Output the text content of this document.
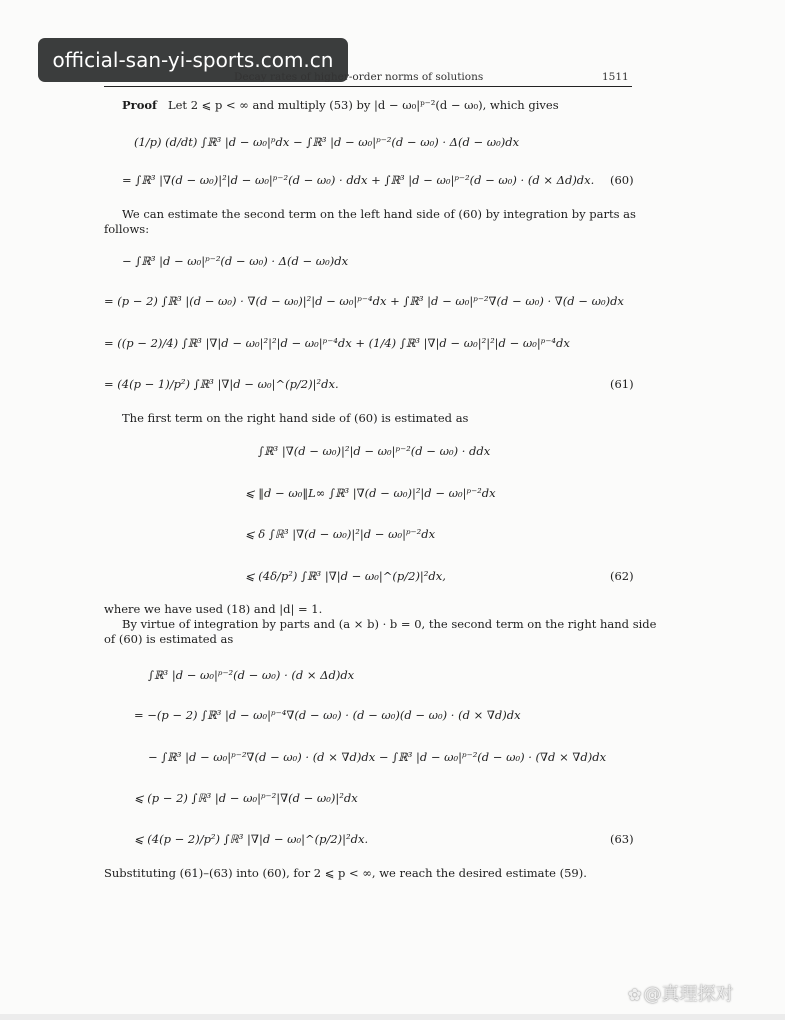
official-san-yi-sports.com.cn
Decay rates of higher-order norms of solutions	1511
Proof Let 2 ⩽ p < ∞ and multiply (53) by |d − ω₀|ᵖ⁻²(d − ω₀), which gives
(1/p) (d/dt) ∫ℝ³ |d − ω₀|ᵖdx − ∫ℝ³ |d − ω₀|ᵖ⁻²(d − ω₀) · Δ(d − ω₀)dx
= ∫ℝ³ |∇(d − ω₀)|²|d − ω₀|ᵖ⁻²(d − ω₀) · ddx + ∫ℝ³ |d − ω₀|ᵖ⁻²(d − ω₀) · (d × Δd)dx. (60)
We can estimate the second term on the left hand side of (60) by integration by parts as
follows:
− ∫ℝ³ |d − ω₀|ᵖ⁻²(d − ω₀) · Δ(d − ω₀)dx
= (p − 2) ∫ℝ³ |(d − ω₀) · ∇(d − ω₀)|²|d − ω₀|ᵖ⁻⁴dx + ∫ℝ³ |d − ω₀|ᵖ⁻²∇(d − ω₀) · ∇(d − ω₀)dx
= ((p − 2)/4) ∫ℝ³ |∇|d − ω₀|²|²|d − ω₀|ᵖ⁻⁴dx + (1/4) ∫ℝ³ |∇|d − ω₀|²|²|d − ω₀|ᵖ⁻⁴dx
= (4(p − 1)/p²) ∫ℝ³ |∇|d − ω₀|^(p/2)|²dx.	(61)
The first term on the right hand side of (60) is estimated as
∫ℝ³ |∇(d − ω₀)|²|d − ω₀|ᵖ⁻²(d − ω₀) · ddx
⩽ ‖d − ω₀‖L∞ ∫ℝ³ |∇(d − ω₀)|²|d − ω₀|ᵖ⁻²dx
⩽ δ ∫ℝ³ |∇(d − ω₀)|²|d − ω₀|ᵖ⁻²dx
⩽ (4δ/p²) ∫ℝ³ |∇|d − ω₀|^(p/2)|²dx,	(62)
where we have used (18) and |d| = 1.
By virtue of integration by parts and (a × b) · b = 0, the second term on the right hand side
of (60) is estimated as
∫ℝ³ |d − ω₀|ᵖ⁻²(d − ω₀) · (d × Δd)dx
= −(p − 2) ∫ℝ³ |d − ω₀|ᵖ⁻⁴∇(d − ω₀) · (d − ω₀)(d − ω₀) · (d × ∇d)dx
− ∫ℝ³ |d − ω₀|ᵖ⁻²∇(d − ω₀) · (d × ∇d)dx − ∫ℝ³ |d − ω₀|ᵖ⁻²(d − ω₀) · (∇d × ∇d)dx
⩽ (p − 2) ∫ℝ³ |d − ω₀|ᵖ⁻²|∇(d − ω₀)|²dx
⩽ (4(p − 2)/p²) ∫ℝ³ |∇|d − ω₀|^(p/2)|²dx.	(63)
Substituting (61)–(63) into (60), for 2 ⩽ p < ∞, we reach the desired estimate (59).
✿ @真理探对
